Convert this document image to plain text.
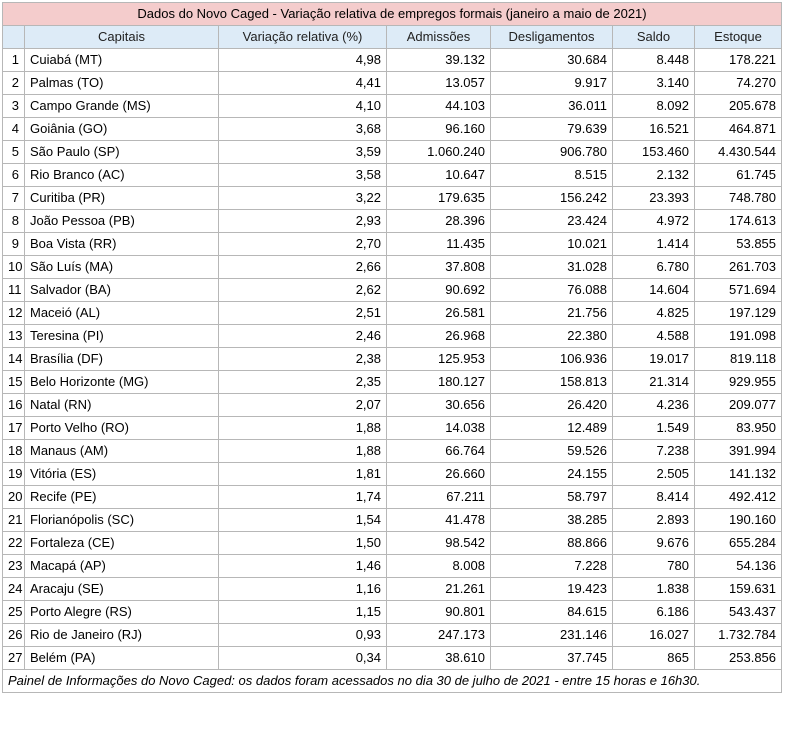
Dados do Novo Caged - Variação relativa de empregos formais (janeiro a maio de 2021)						
	Capitais	Variação relativa (%)	Admissões	Desligamentos	Saldo	Estoque
1	Cuiabá (MT)	4,98	39.132	30.684	8.448	178.221
2	Palmas (TO)	4,41	13.057	9.917	3.140	74.270
3	Campo Grande (MS)	4,10	44.103	36.011	8.092	205.678
4	Goiânia (GO)	3,68	96.160	79.639	16.521	464.871
5	São Paulo (SP)	3,59	1.060.240	906.780	153.460	4.430.544
6	Rio Branco (AC)	3,58	10.647	8.515	2.132	61.745
7	Curitiba (PR)	3,22	179.635	156.242	23.393	748.780
8	João Pessoa (PB)	2,93	28.396	23.424	4.972	174.613
9	Boa Vista (RR)	2,70	11.435	10.021	1.414	53.855
10	São Luís (MA)	2,66	37.808	31.028	6.780	261.703
11	Salvador (BA)	2,62	90.692	76.088	14.604	571.694
12	Maceió (AL)	2,51	26.581	21.756	4.825	197.129
13	Teresina (PI)	2,46	26.968	22.380	4.588	191.098
14	Brasília (DF)	2,38	125.953	106.936	19.017	819.118
15	Belo Horizonte (MG)	2,35	180.127	158.813	21.314	929.955
16	Natal (RN)	2,07	30.656	26.420	4.236	209.077
17	Porto Velho (RO)	1,88	14.038	12.489	1.549	83.950
18	Manaus (AM)	1,88	66.764	59.526	7.238	391.994
19	Vitória (ES)	1,81	26.660	24.155	2.505	141.132
20	Recife (PE)	1,74	67.211	58.797	8.414	492.412
21	Florianópolis (SC)	1,54	41.478	38.285	2.893	190.160
22	Fortaleza (CE)	1,50	98.542	88.866	9.676	655.284
23	Macapá (AP)	1,46	8.008	7.228	780	54.136
24	Aracaju (SE)	1,16	21.261	19.423	1.838	159.631
25	Porto Alegre (RS)	1,15	90.801	84.615	6.186	543.437
26	Rio de Janeiro (RJ)	0,93	247.173	231.146	16.027	1.732.784
27	Belém (PA)	0,34	38.610	37.745	865	253.856
Painel de Informações do Novo Caged: os dados foram acessados no dia 30 de julho de 2021 - entre 15 horas e 16h30.						
